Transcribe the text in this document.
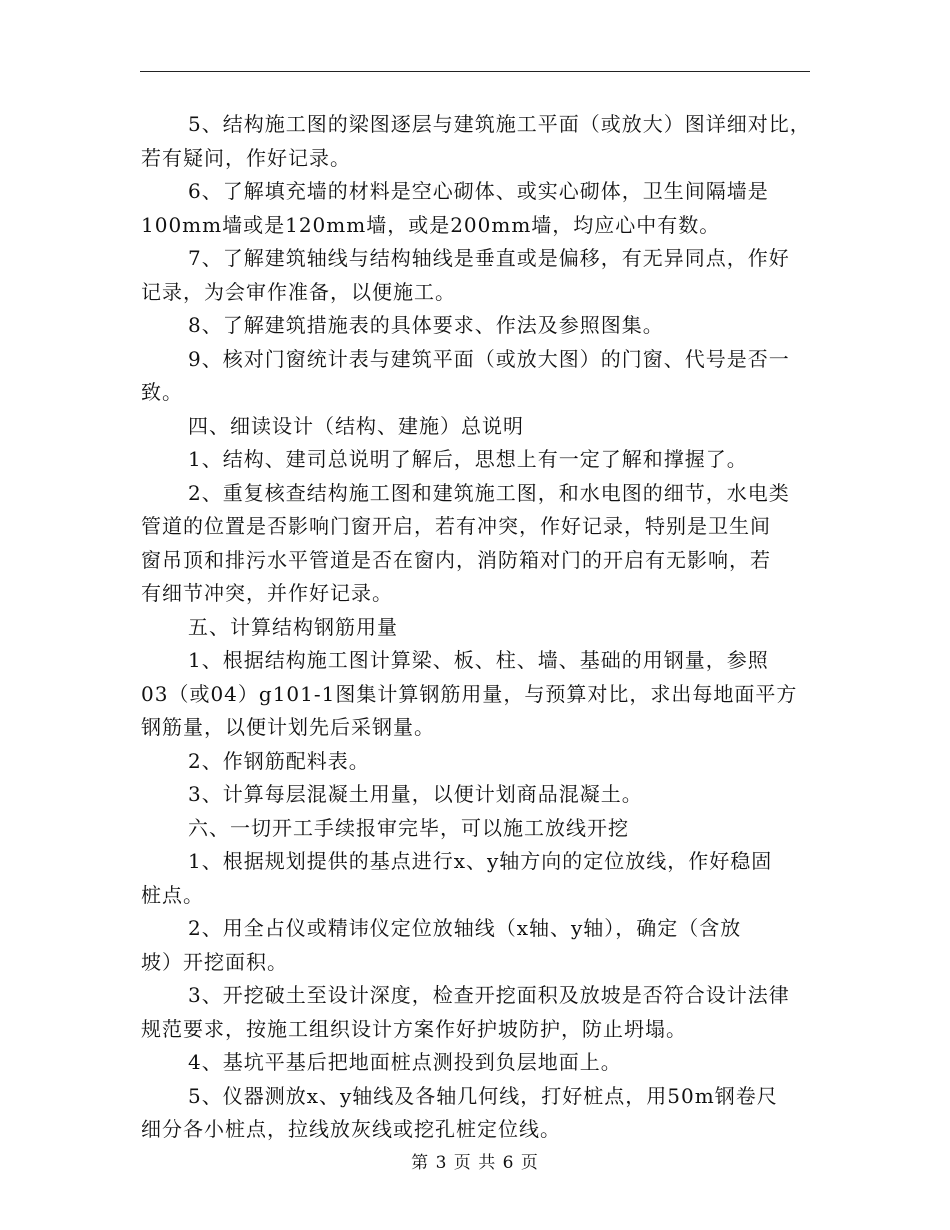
5、结构施工图的梁图逐层与建筑施工平面（或放大）图详细对比，
若有疑问，作好记录。
6、了解填充墙的材料是空心砌体、或实心砌体，卫生间隔墙是
100mm墙或是120mm墙，或是200mm墙，均应心中有数。
7、了解建筑轴线与结构轴线是垂直或是偏移，有无异同点，作好
记录，为会审作准备，以便施工。
8、了解建筑措施表的具体要求、作法及参照图集。
9、核对门窗统计表与建筑平面（或放大图）的门窗、代号是否一
致。
四、细读设计（结构、建施）总说明
1、结构、建司总说明了解后，思想上有一定了解和撑握了。
2、重复核查结构施工图和建筑施工图，和水电图的细节，水电类
管道的位置是否影响门窗开启，若有冲突，作好记录，特别是卫生间
窗吊顶和排污水平管道是否在窗内，消防箱对门的开启有无影响，若
有细节冲突，并作好记录。
五、计算结构钢筋用量
1、根据结构施工图计算梁、板、柱、墙、基础的用钢量，参照
03（或04）g101-1图集计算钢筋用量，与预算对比，求出每地面平方
钢筋量，以便计划先后采钢量。
2、作钢筋配料表。
3、计算每层混凝土用量，以便计划商品混凝土。
六、一切开工手续报审完毕，可以施工放线开挖
1、根据规划提供的基点进行x、y轴方向的定位放线，作好稳固
桩点。
2、用全占仪或精讳仪定位放轴线（x轴、y轴），确定（含放
坡）开挖面积。
3、开挖破土至设计深度，检查开挖面积及放坡是否符合设计法律
规范要求，按施工组织设计方案作好护坡防护，防止坍塌。
4、基坑平基后把地面桩点测投到负层地面上。
5、仪器测放x、y轴线及各轴几何线，打好桩点，用50m钢卷尺
细分各小桩点，拉线放灰线或挖孔桩定位线。
第 3 页 共 6 页
